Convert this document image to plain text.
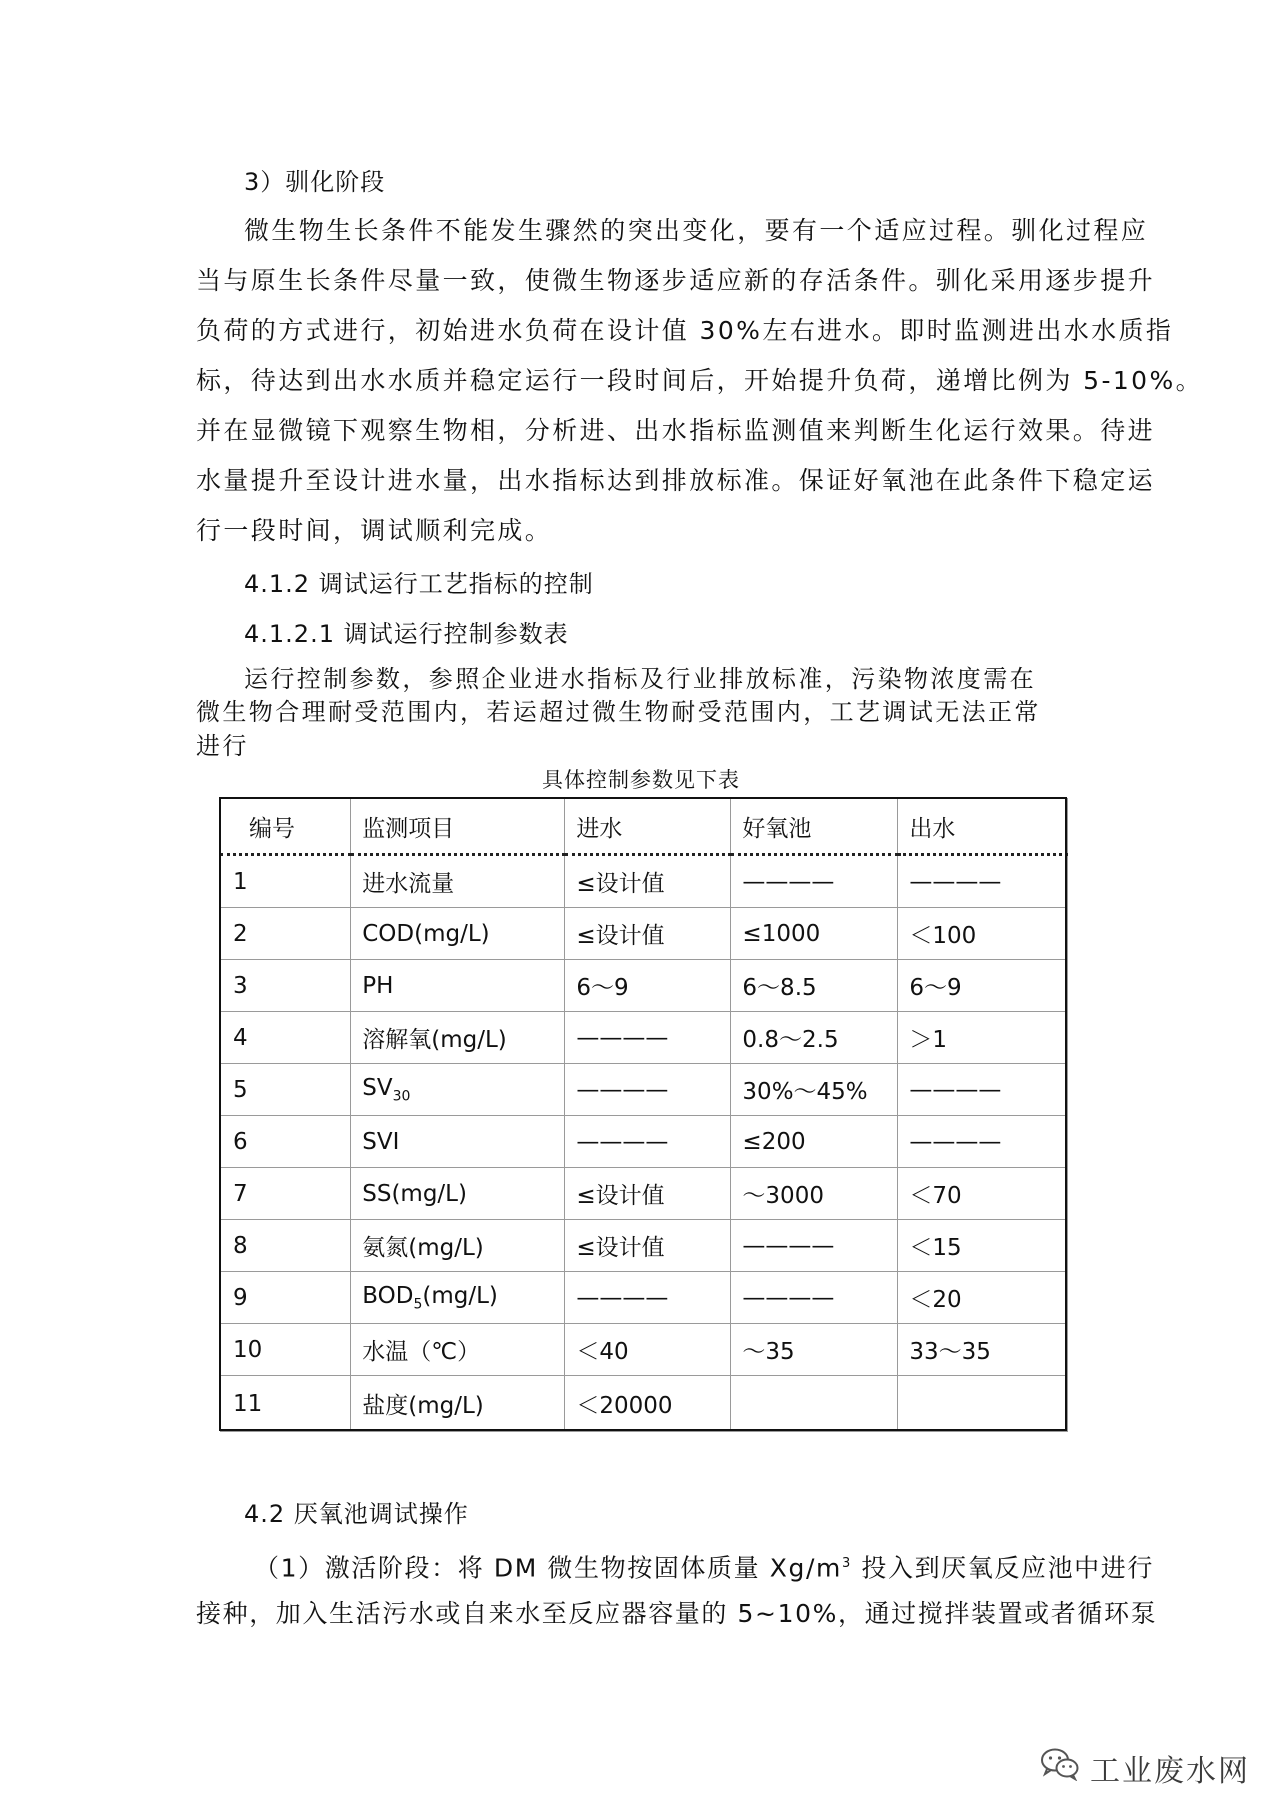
3）驯化阶段
微生物生长条件不能发生骤然的突出变化，要有一个适应过程。驯化过程应
当与原生长条件尽量一致，使微生物逐步适应新的存活条件。驯化采用逐步提升
负荷的方式进行，初始进水负荷在设计值 30%左右进水。即时监测进出水水质指
标，待达到出水水质并稳定运行一段时间后，开始提升负荷，递增比例为 5-10%。
并在显微镜下观察生物相，分析进、出水指标监测值来判断生化运行效果。待进
水量提升至设计进水量，出水指标达到排放标准。保证好氧池在此条件下稳定运
行一段时间，调试顺利完成。
4.1.2 调试运行工艺指标的控制
4.1.2.1 调试运行控制参数表
运行控制参数，参照企业进水指标及行业排放标准，污染物浓度需在
微生物合理耐受范围内，若运超过微生物耐受范围内，工艺调试无法正常
进行
具体控制参数见下表
编号	监测项目	进水	好氧池	出水
1	进水流量	≤设计值	————	————
2	COD(mg/L)	≤设计值	≤1000	＜100
3	PH	6～9	6～8.5	6～9
4	溶解氧(mg/L)	————	0.8～2.5	＞1
5	$SV_{30}$	————	30%～45%	————
6	SVI	————	≤200	————
7	SS(mg/L)	≤设计值	～3000	＜70
8	氨氮(mg/L)	≤设计值	————	＜15
9	$BOD_5(mg/L)$	————	————	＜20
10	水温（℃）	＜40	～35	33～35
11	盐度(mg/L)	＜20000		
4.2 厌氧池调试操作
（1）激活阶段：将 DM 微生物按固体质量 $Xg/m^3$ 投入到厌氧反应池中进行
接种，加入生活污水或自来水至反应器容量的 5~10%，通过搅拌装置或者循环泵
工业废水网
